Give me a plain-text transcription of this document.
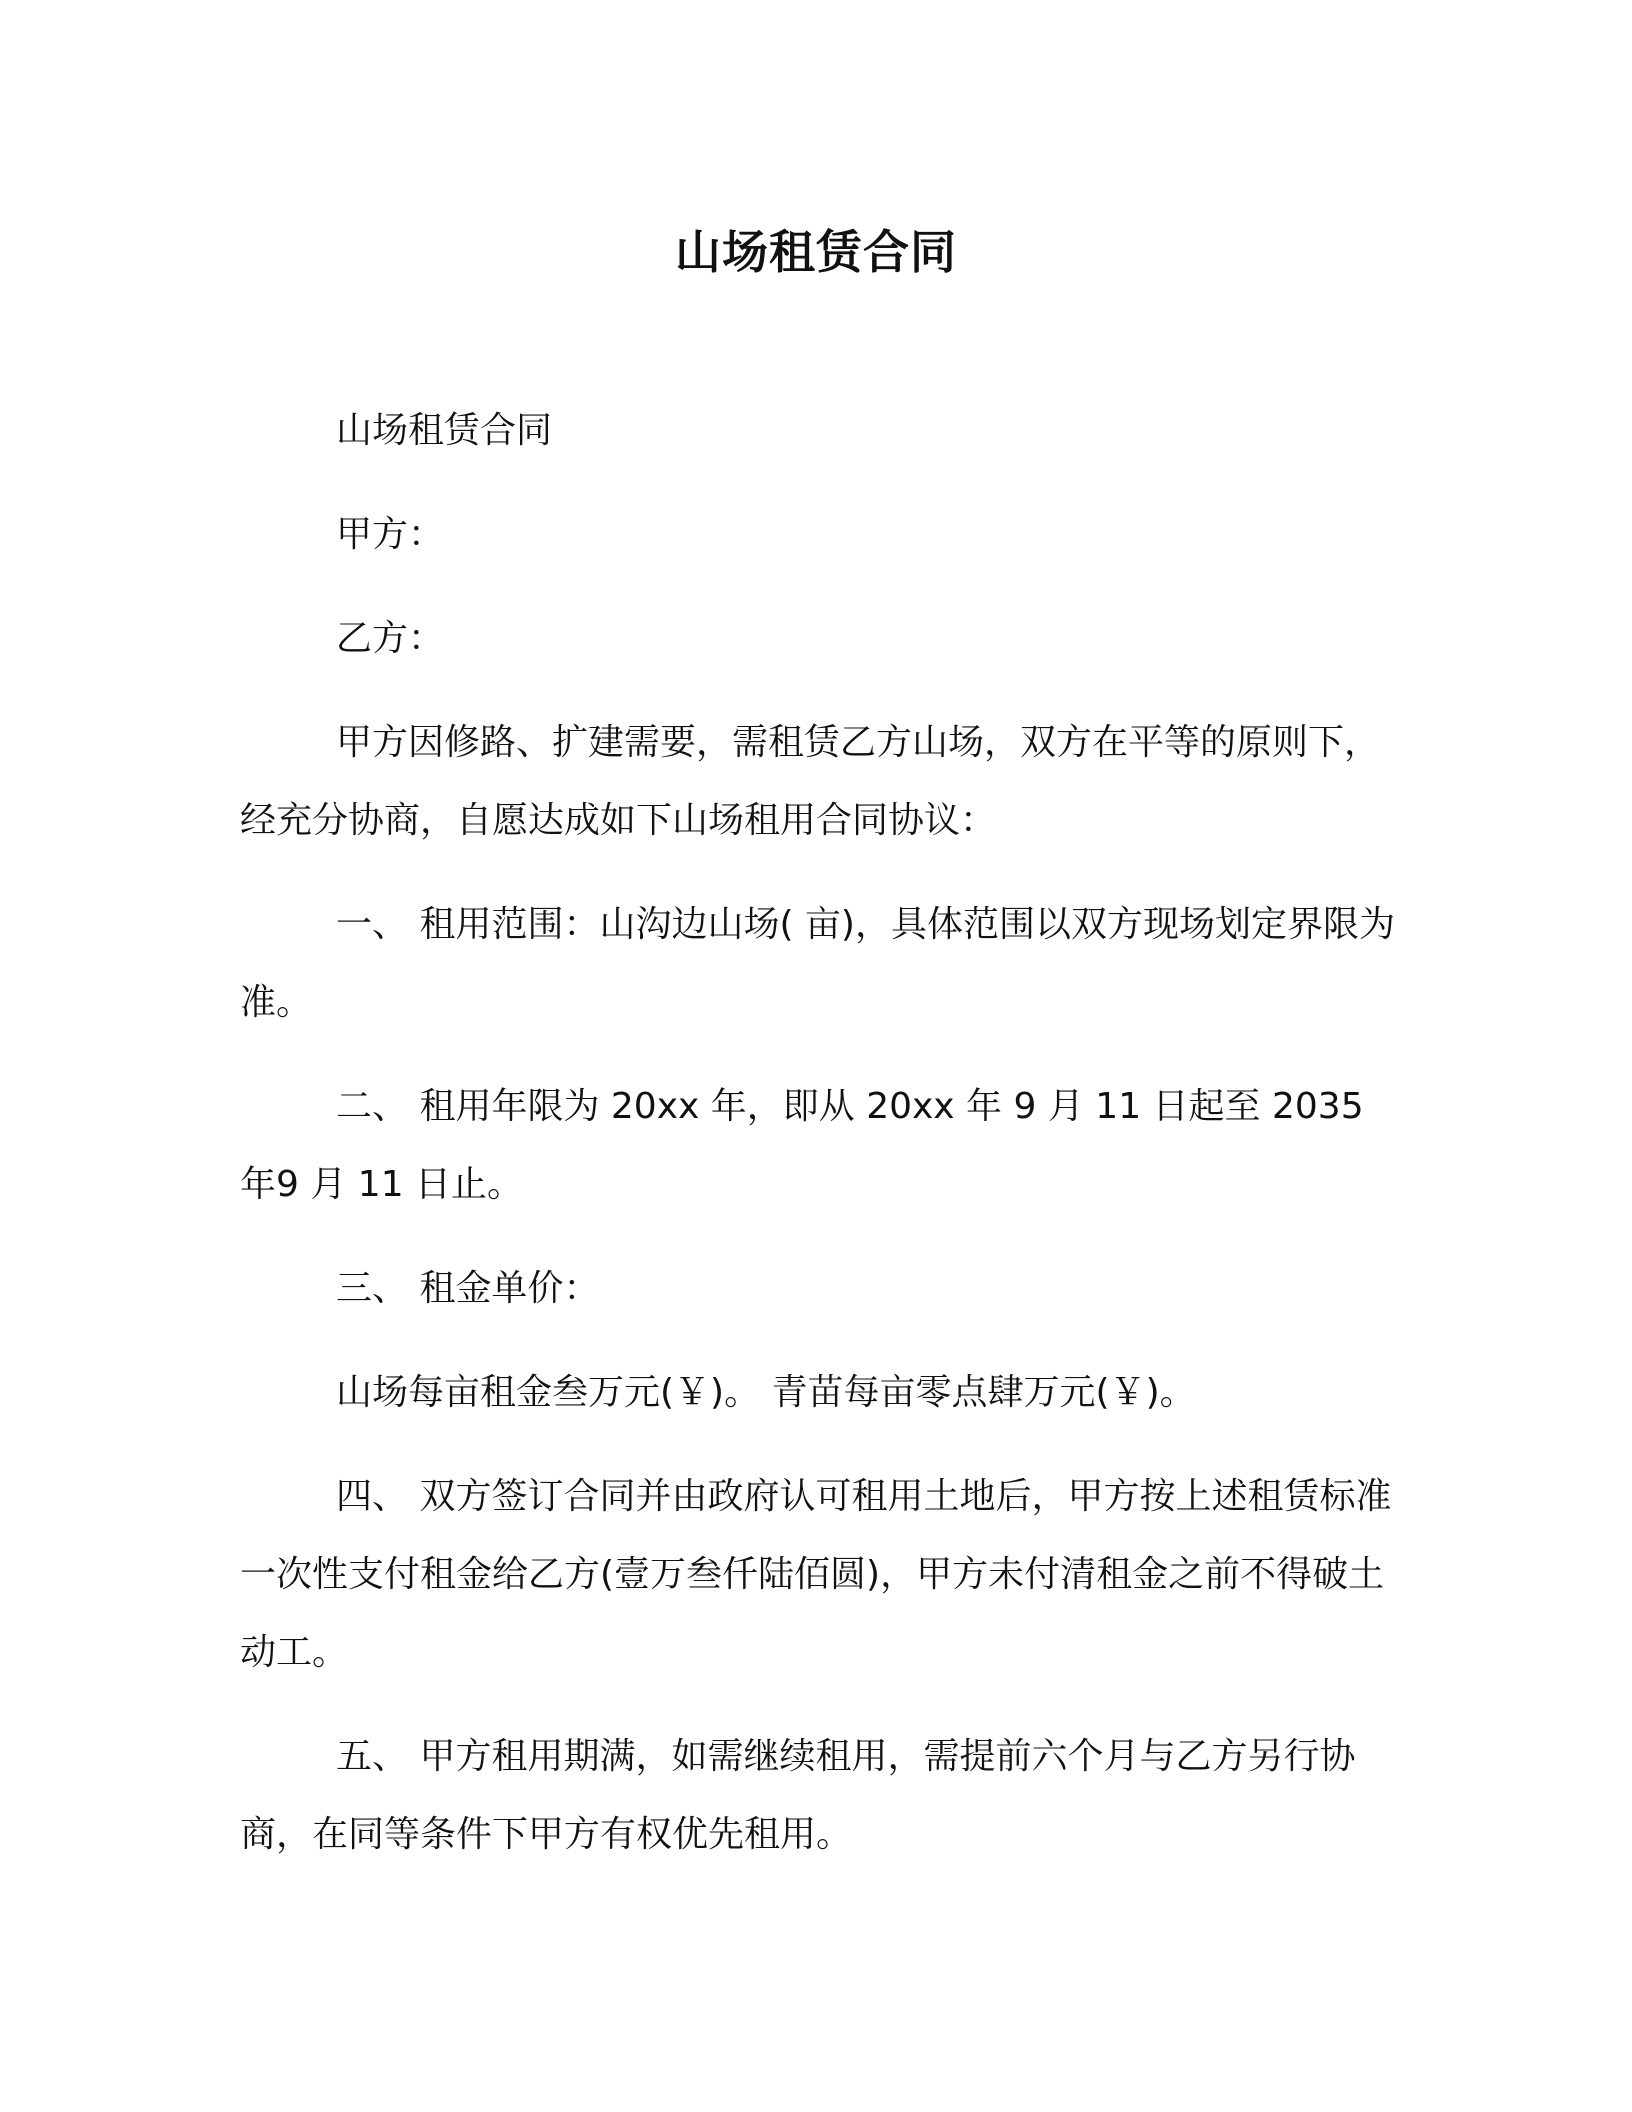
山场租赁合同

山场租赁合同

甲方：

乙方：

甲方因修路、扩建需要，需租赁乙方山场，双方在平等的原则下，经充分协商，自愿达成如下山场租用合同协议：

一、 租用范围：山沟边山场( 亩)，具体范围以双方现场划定界限为准。

二、 租用年限为 20xx 年，即从 20xx 年 9 月 11 日起至 2035 年9 月 11 日止。

三、 租金单价：

山场每亩租金叁万元(￥)。 青苗每亩零点肆万元(￥)。

四、 双方签订合同并由政府认可租用土地后，甲方按上述租赁标准一次性支付租金给乙方(壹万叁仟陆佰圆)，甲方未付清租金之前不得破土动工。

五、 甲方租用期满，如需继续租用，需提前六个月与乙方另行协商，在同等条件下甲方有权优先租用。
